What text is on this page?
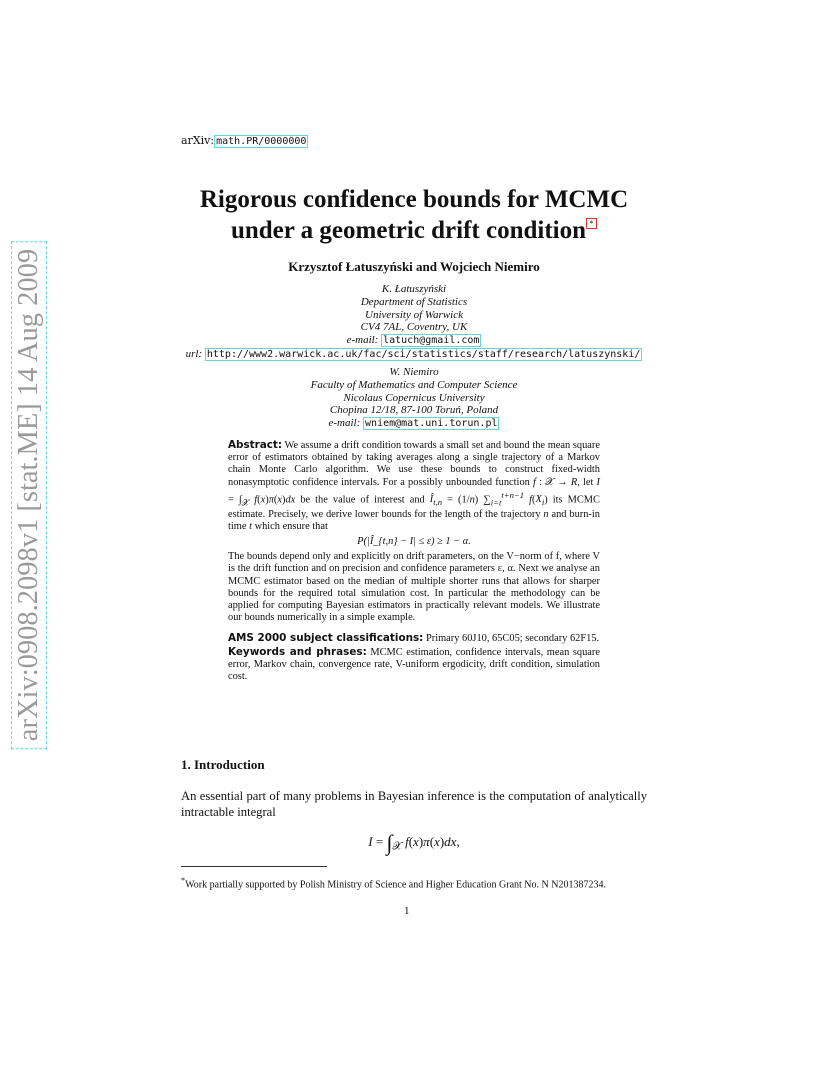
arXiv:0908.2098v1 [stat.ME] 14 Aug 2009
arXiv: math.PR/0000000
Rigorous confidence bounds for MCMC
under a geometric drift condition *
Krzysztof Łatuszyński and Wojciech Niemiro
K. Łatuszyński
Department of Statistics
University of Warwick
CV4 7AL, Coventry, UK
e-mail: latuch@gmail.com
url: http://www2.warwick.ac.uk/fac/sci/statistics/staff/research/latuszynski/
W. Niemiro
Faculty of Mathematics and Computer Science
Nicolaus Copernicus University
Chopina 12/18, 87-100 Toruń, Poland
e-mail: wniem@mat.uni.torun.pl

Abstract: We assume a drift condition towards a small set and bound the mean square error of estimators obtained by taking averages along a single trajectory of a Markov chain Monte Carlo algorithm. We use these bounds to construct fixed-width nonasymptotic confidence intervals. For a possibly unbounded function f : 𝒳 → R, let $I = \int_𝒳$ f(x)π(x)dx be the value of interest and $Î_{t,n} = (1/n)$ $\sum_{i=t}^{t+n-1}$ $f(X_i)$ its MCMC estimate. Precisely, we derive lower bounds for the length of the trajectory n and burn-in time t which ensure that

P(|Î_{t,n} − I| ≤ ε) ≥ 1 − α.

The bounds depend only and explicitly on drift parameters, on the V−norm of f, where V is the drift function and on precision and confidence parameters ε, α. Next we analyse an MCMC estimator based on the median of multiple shorter runs that allows for sharper bounds for the required total simulation cost. In particular the methodology can be applied for computing Bayesian estimators in practically relevant models. We illustrate our bounds numerically in a simple example.

AMS 2000 subject classifications: Primary 60J10, 65C05; secondary 62F15.

Keywords and phrases: MCMC estimation, confidence intervals, mean square error, Markov chain, convergence rate, V-uniform ergodicity, drift condition, simulation cost.

1. Introduction
An essential part of many problems in Bayesian inference is the computation of analytically intractable integral
$I = \int_𝒳$ f(x)π(x)dx,
*Work partially supported by Polish Ministry of Science and Higher Education Grant No. N N201387234.
1
